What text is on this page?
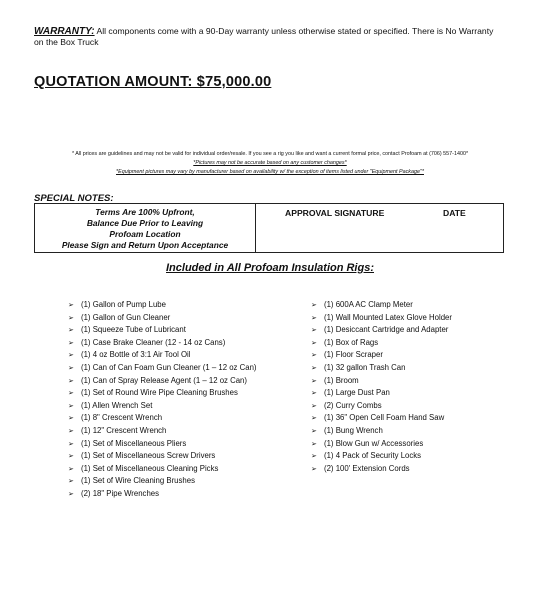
WARRANTY: All components come with a 90-Day warranty unless otherwise stated or specified. There is No Warranty on the Box Truck
QUOTATION AMOUNT: $75,000.00
* All prices are guidelines and may not be valid for individual order/resale. If you see a rig you like and want a current formal price, contact Profoam at (706) 557-1400*
*Pictures may not be accurate based on any customer changes*
*Equipment pictures may vary by manufacturer based on availability w/ the exception of items listed under "Equipment Package"*
SPECIAL NOTES:
Terms Are 100% Upfront,
Balance Due Prior to Leaving
Profoam Location
Please Sign and Return Upon Acceptance
APPROVAL SIGNATURE	DATE
Included in All Profoam Insulation Rigs:
➢ (1) Gallon of Pump Lube
➢ (1) Gallon of Gun Cleaner
➢ (1) Squeeze Tube of Lubricant
➢ (1) Case Brake Cleaner (12 - 14 oz Cans)
➢ (1) 4 oz Bottle of 3:1 Air Tool Oil
➢ (1) Can of Can Foam Gun Cleaner (1 – 12 oz Can)
➢ (1) Can of Spray Release Agent (1 – 12 oz Can)
➢ (1) Set of Round Wire Pipe Cleaning Brushes
➢ (1) Allen Wrench Set
➢ (1) 8" Crescent Wrench
➢ (1) 12" Crescent Wrench
➢ (1) Set of Miscellaneous Pliers
➢ (1) Set of Miscellaneous Screw Drivers
➢ (1) Set of Miscellaneous Cleaning Picks
➢ (1) Set of Wire Cleaning Brushes
➢ (2) 18" Pipe Wrenches
➢ (1) 600A AC Clamp Meter
➢ (1) Wall Mounted Latex Glove Holder
➢ (1) Desiccant Cartridge and Adapter
➢ (1) Box of Rags
➢ (1) Floor Scraper
➢ (1) 32 gallon Trash Can
➢ (1) Broom
➢ (1) Large Dust Pan
➢ (2) Curry Combs
➢ (1) 36" Open Cell Foam Hand Saw
➢ (1) Bung Wrench
➢ (1) Blow Gun w/ Accessories
➢ (1) 4 Pack of Security Locks
➢ (2) 100' Extension Cords
